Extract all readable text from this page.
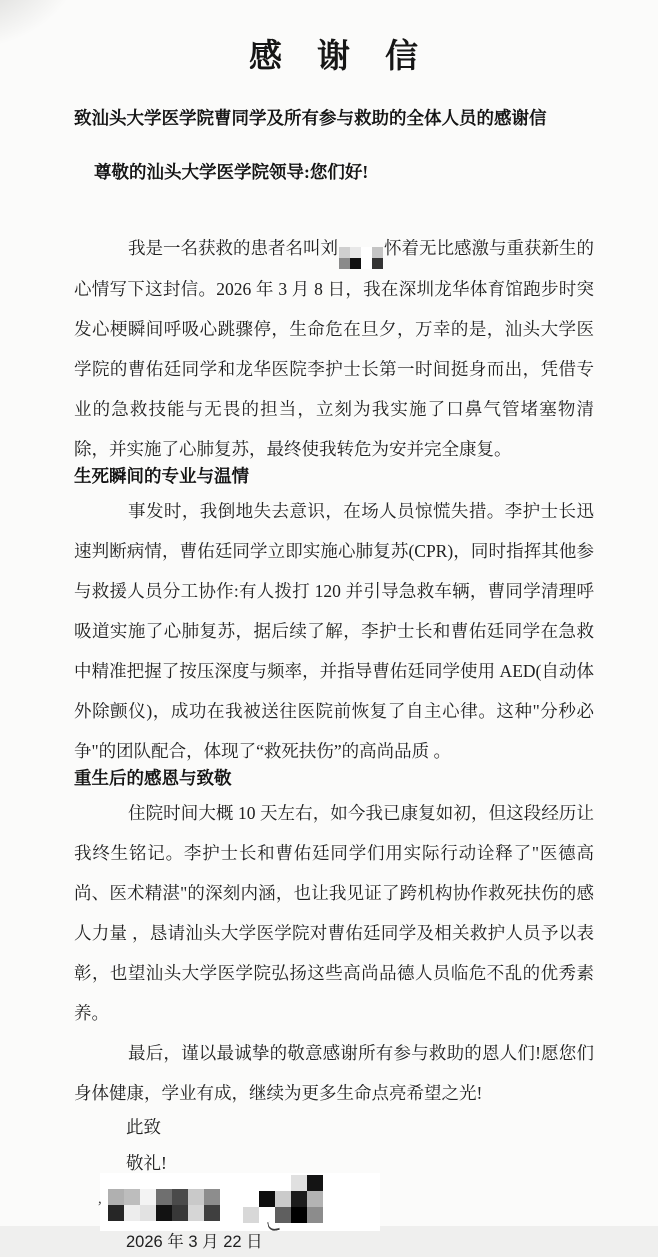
感　谢　信

致汕头大学医学院曹同学及所有参与救助的全体人员的感谢信

尊敬的汕头大学医学院领导:您们好!

我是一名获救的患者名叫刘	怀着无比感激与重获新生的心情写下这封信。2026 年 3 月 8 日，我在深圳龙华体育馆跑步时突发心梗瞬间呼吸心跳骤停，生命危在旦夕，万幸的是，汕头大学医学院的曹佑廷同学和龙华医院李护士长第一时间挺身而出，凭借专业的急救技能与无畏的担当，立刻为我实施了口鼻气管堵塞物清除，并实施了心肺复苏，最终使我转危为安并完全康复。

生死瞬间的专业与温情

事发时，我倒地失去意识，在场人员惊慌失措。李护士长迅速判断病情，曹佑廷同学立即实施心肺复苏(CPR)，同时指挥其他参与救援人员分工协作:有人拨打 120 并引导急救车辆，曹同学清理呼吸道实施了心肺复苏，据后续了解，李护士长和曹佑廷同学在急救中精准把握了按压深度与频率，并指导曹佑廷同学使用 AED(自动体外除颤仪)，成功在我被送往医院前恢复了自主心律。这种"分秒必争"的团队配合，体现了“救死扶伤”的高尚品质 。

重生后的感恩与致敬

住院时间大概 10 天左右，如今我已康复如初，但这段经历让我终生铭记。李护士长和曹佑廷同学们用实际行动诠释了"医德高尚、医术精湛"的深刻内涵，也让我见证了跨机构协作救死扶伤的感人力量 ，恳请汕头大学医学院对曹佑廷同学及相关救护人员予以表彰，也望汕头大学医学院弘扬这些高尚品德人员临危不乱的优秀素养。

最后，谨以最诚挚的敬意感谢所有参与救助的恩人们!愿您们身体健康，学业有成，继续为更多生命点亮希望之光!

此致

敬礼!

,

2026 年 3 月 22 日
